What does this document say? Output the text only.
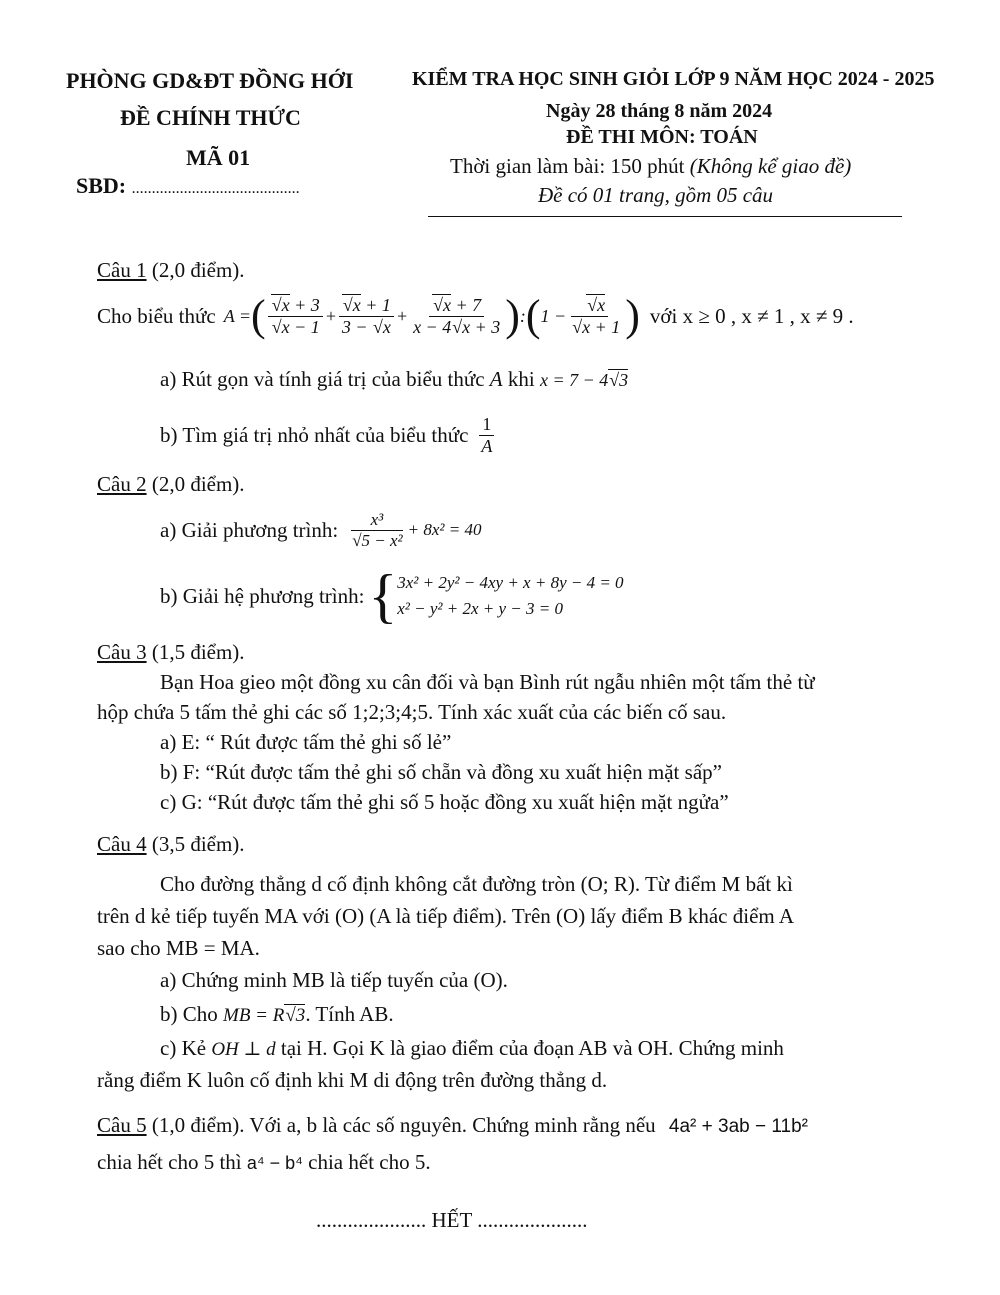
PHÒNG GD&ĐT ĐỒNG HỚI
ĐỀ CHÍNH THỨC
MÃ 01
SBD: ..........................................
KIỂM TRA HỌC SINH GIỎI LỚP 9 NĂM HỌC 2024 - 2025
Ngày 28 tháng 8 năm 2024
ĐỀ THI MÔN: TOÁN
Thời gian làm bài: 150 phút (Không kể giao đề)
Đề có 01 trang, gồm 05 câu
Câu 1 (2,0 điểm).
Cho biểu thức A = ( $\frac{√x + 3}{√x - 1} + \frac{√x + 1}{3 - √x} + \frac{√x + 7}{x - 4√x + 3}$ ) : ( $1 - \frac{√x}{√x + 1}$ ) với x ≥ 0 , x ≠ 1 , x ≠ 9 .
a) Rút gọn và tính giá trị của biểu thức A khi x = 7 − 4√3
b) Tìm giá trị nhỏ nhất của biểu thức $\frac{1}{A}$
Câu 2 (2,0 điểm).
a) Giải phương trình: $\frac{\text{x³}}{\text{√5 − x²}} + 8x^2 = 40$
b) Giải hệ phương trình: { 3x² + 2y² − 4xy + x + 8y − 4 = 0
x² − y² + 2x + y − 3 = 0
Câu 3 (1,5 điểm).
Bạn Hoa gieo một đồng xu cân đối và bạn Bình rút ngẫu nhiên một tấm thẻ từ
hộp chứa 5 tấm thẻ ghi các số 1;2;3;4;5. Tính xác xuất của các biến cố sau.
a) E: “ Rút được tấm thẻ ghi số lẻ”
b) F: “Rút được tấm thẻ ghi số chẵn và đồng xu xuất hiện mặt sấp”
c) G: “Rút được tấm thẻ ghi số 5 hoặc đồng xu xuất hiện mặt ngửa”
Câu 4 (3,5 điểm).
Cho đường thẳng d cố định không cắt đường tròn (O; R). Từ điểm M bất kì
trên d kẻ tiếp tuyến MA với (O) (A là tiếp điểm). Trên (O) lấy điểm B khác điểm A
sao cho MB = MA.
a) Chứng minh MB là tiếp tuyến của (O).
b) Cho MB = R√3. Tính AB.
c) Kẻ OH ⊥ d tại H. Gọi K là giao điểm của đoạn AB và OH. Chứng minh
rằng điểm K luôn cố định khi M di động trên đường thẳng d.
Câu 5 (1,0 điểm). Với a, b là các số nguyên. Chứng minh rằng nếu 4a² + 3ab − 11b²
chia hết cho 5 thì a⁴ − b⁴ chia hết cho 5.
..................... HẾT .....................
